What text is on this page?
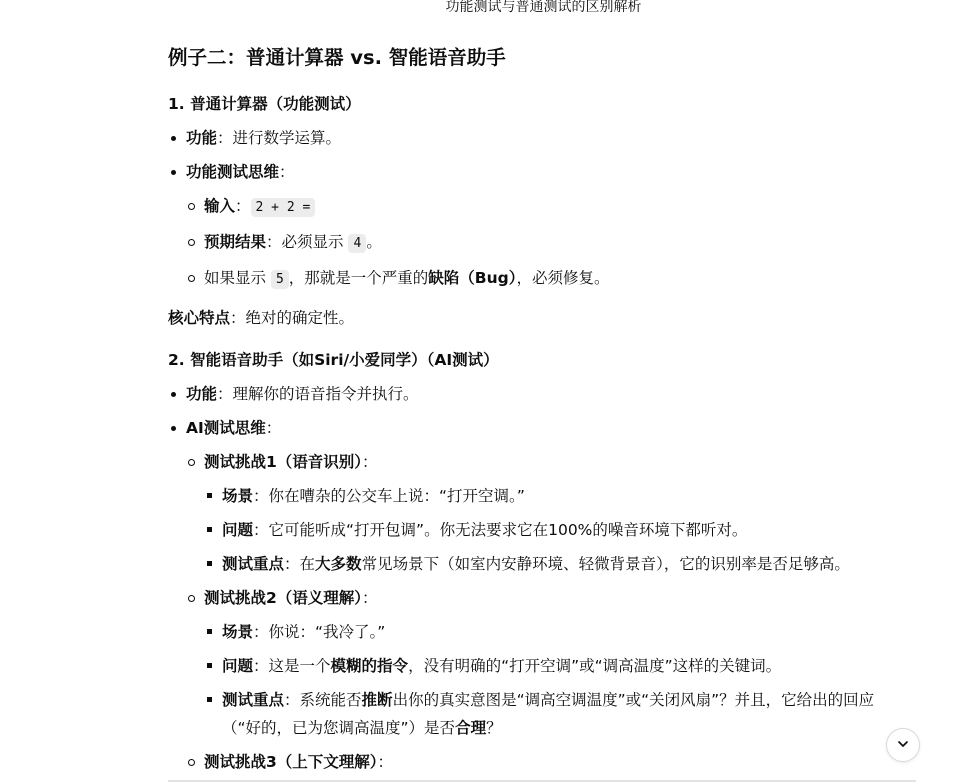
功能测试与普通测试的区别解析
例子二：普通计算器 vs. 智能语音助手
1. 普通计算器（功能测试）
功能：进行数学运算。
功能测试思维：
输入： 2 + 2 =
预期结果：必须显示 4 。
如果显示 5 ，那就是一个严重的缺陷（Bug），必须修复。

核心特点：绝对的确定性。

2. 智能语音助手（如Siri/小爱同学）（AI测试）
功能：理解你的语音指令并执行。
AI测试思维：
测试挑战1（语音识别）：
场景：你在嘈杂的公交车上说：“打开空调。”
问题：它可能听成“打开包调”。你无法要求它在100%的噪音环境下都听对。
测试重点：在大多数常见场景下（如室内安静环境、轻微背景音），它的识别率是否足够高。
测试挑战2（语义理解）：
场景：你说：“我冷了。”
问题：这是一个模糊的指令，没有明确的“打开空调”或“调高温度”这样的关键词。
测试重点：系统能否推断出你的真实意图是“调高空调温度”或“关闭风扇”？并且，它给出的回应（“好的，已为您调高温度”）是否合理？
测试挑战3（上下文理解）：
